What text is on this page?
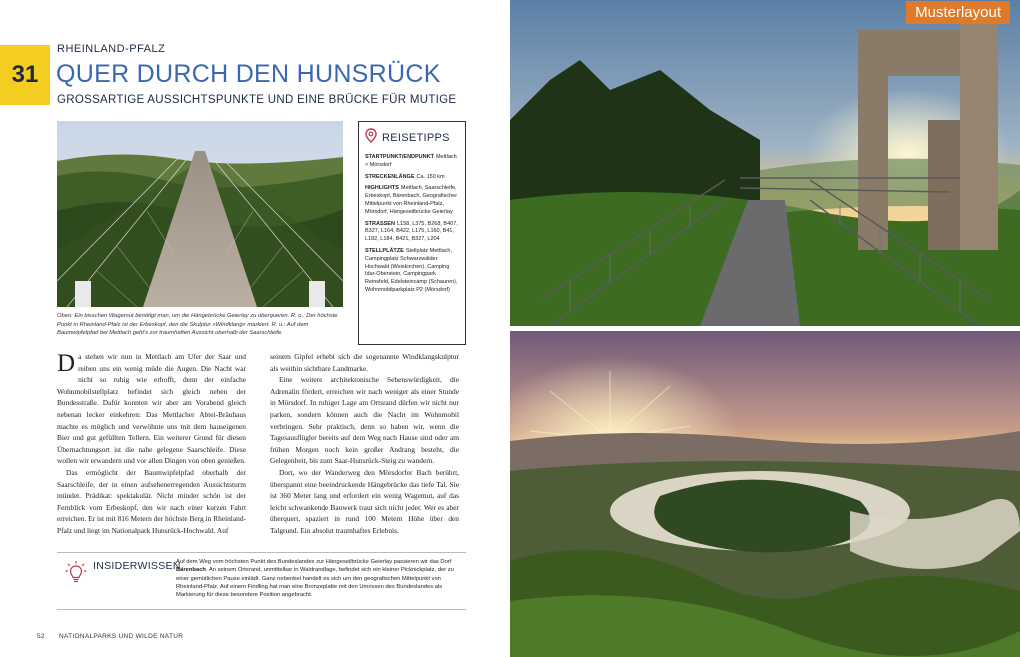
31
RHEINLAND-PFALZ
QUER DURCH DEN HUNSRÜCK
GROSSARTIGE AUSSICHTSPUNKTE UND EINE BRÜCKE FÜR MUTIGE
Oben: Ein bisschen Wagemut benötigt man, um die Hängebrücke Geierlay zu überqueren. R. o.: Der höchste Punkt in Rheinland-Pfalz ist der Erbeskopf, den die Skulptur »Windklang« markiert. R. u.: Auf dem Baumwipfelpfad bei Mettlach geht's zur traumhaften Aussicht oberhalb der Saarschleife.
REISETIPPS
STARTPUNKT/ENDPUNKT Mettlach > Mörsdorf
STRECKENLÄNGE Ca. 150 km
HIGHLIGHTS Mettlach, Saarschleife, Erbeskopf, Bärenbach, Geografischer Mittelpunkt von Rheinland-Pfalz, Mörsdorf, Hängeseilbrücke Geierlay
STRASSEN L158, L375, B268, B407, B327, L164, B422, L175, L160, B41, L182, L184, B421, B327, L204
STELLPLÄTZE Stellplatz Mettlach, Campingplatz Schwarzwälder Hochwald (Weiskirchen), Camping Idar-Oberstein, Campingpark Reinsfeld, Edelsteincamp (Schauren), Wohnmobilparkplatz P2 (Mörsdorf)

Da stehen wir nun in Mettlach am Ufer der Saar und reiben uns ein wenig müde die Augen. Die Nacht war nicht so ruhig wie erhofft, denn der einfache Wohnmobilstellplatz befindet sich gleich neben der Bundesstraße. Dafür konnten wir aber am Vorabend gleich nebenan lecker einkehren: Das Mettlacher Abtei-Bräuhaus machte es möglich und verwöhnte uns mit dem hauseigenen Bier und gut gefüllten Tellern. Ein weiterer Grund für diesen Übernachtungsort ist die nahe gelegene Saarschleife. Diese wollen wir erwandern und vor allen Dingen von oben genießen.

Das ermöglicht der Baumwipfelpfad oberhalb der Saarschleife, der in einen aufsehenerregenden Aussichtsturm mündet. Prädikat: spektakulär. Nicht minder schön ist der Fernblick vom Erbeskopf, den wir nach einer kurzen Fahrt erreichen. Er ist mit 816 Metern der höchste Berg in Rheinland-Pfalz und liegt im Nationalpark Hunsrück-Hochwald. Auf

seinem Gipfel erhebt sich die sogenannte Windklangskulptur als weithin sichtbare Landmarke.

Eine weitere architektonische Sehenswürdigkeit, die Adrenalin fördert, erreichen wir nach weniger als einer Stunde in Mörsdorf. In ruhiger Lage am Ortsrand dürfen wir nicht nur parken, sondern können auch die Nacht im Wohnmobil verbringen. Sehr praktisch, denn so haben wir, wenn die Tagesausflügler bereits auf dem Weg nach Hause sind oder am frühen Morgen noch kein großer Andrang besteht, die Gelegenheit, bis zum Saar-Hunsrück-Steig zu wandern.

Dort, wo der Wanderweg den Mörsdorfer Bach berührt, überspannt eine beeindruckende Hängebrücke das tiefe Tal. Sie ist 360 Meter lang und erfordert ein wenig Wagemut, auf das leicht schwankende Bauwerk traut sich nicht jeder. Wer es aber überquert, spaziert in rund 100 Metern Höhe über den Talgrund. Ein absolut traumhaftes Erlebnis.

INSIDERWISSEN
Auf dem Weg vom höchsten Punkt des Bundeslandes zur Hängeseilbrücke Geierlay passieren wir das Dorf Bärenbach. An seinem Ortsrand, unmittelbar in Waldrandlage, befindet sich ein kleiner Picknickplatz, der zu einer gemütlichen Pause einlädt. Ganz nebenbei handelt es sich um den geografischen Mittelpunkt von Rheinland-Pfalz. Auf einem Findling hat man eine Bronzeplatte mit den Umrissen des Bundeslandes als Markierung für diese besondere Position angebracht.
52 NATIONALPARKS UND WILDE NATUR
Musterlayout
